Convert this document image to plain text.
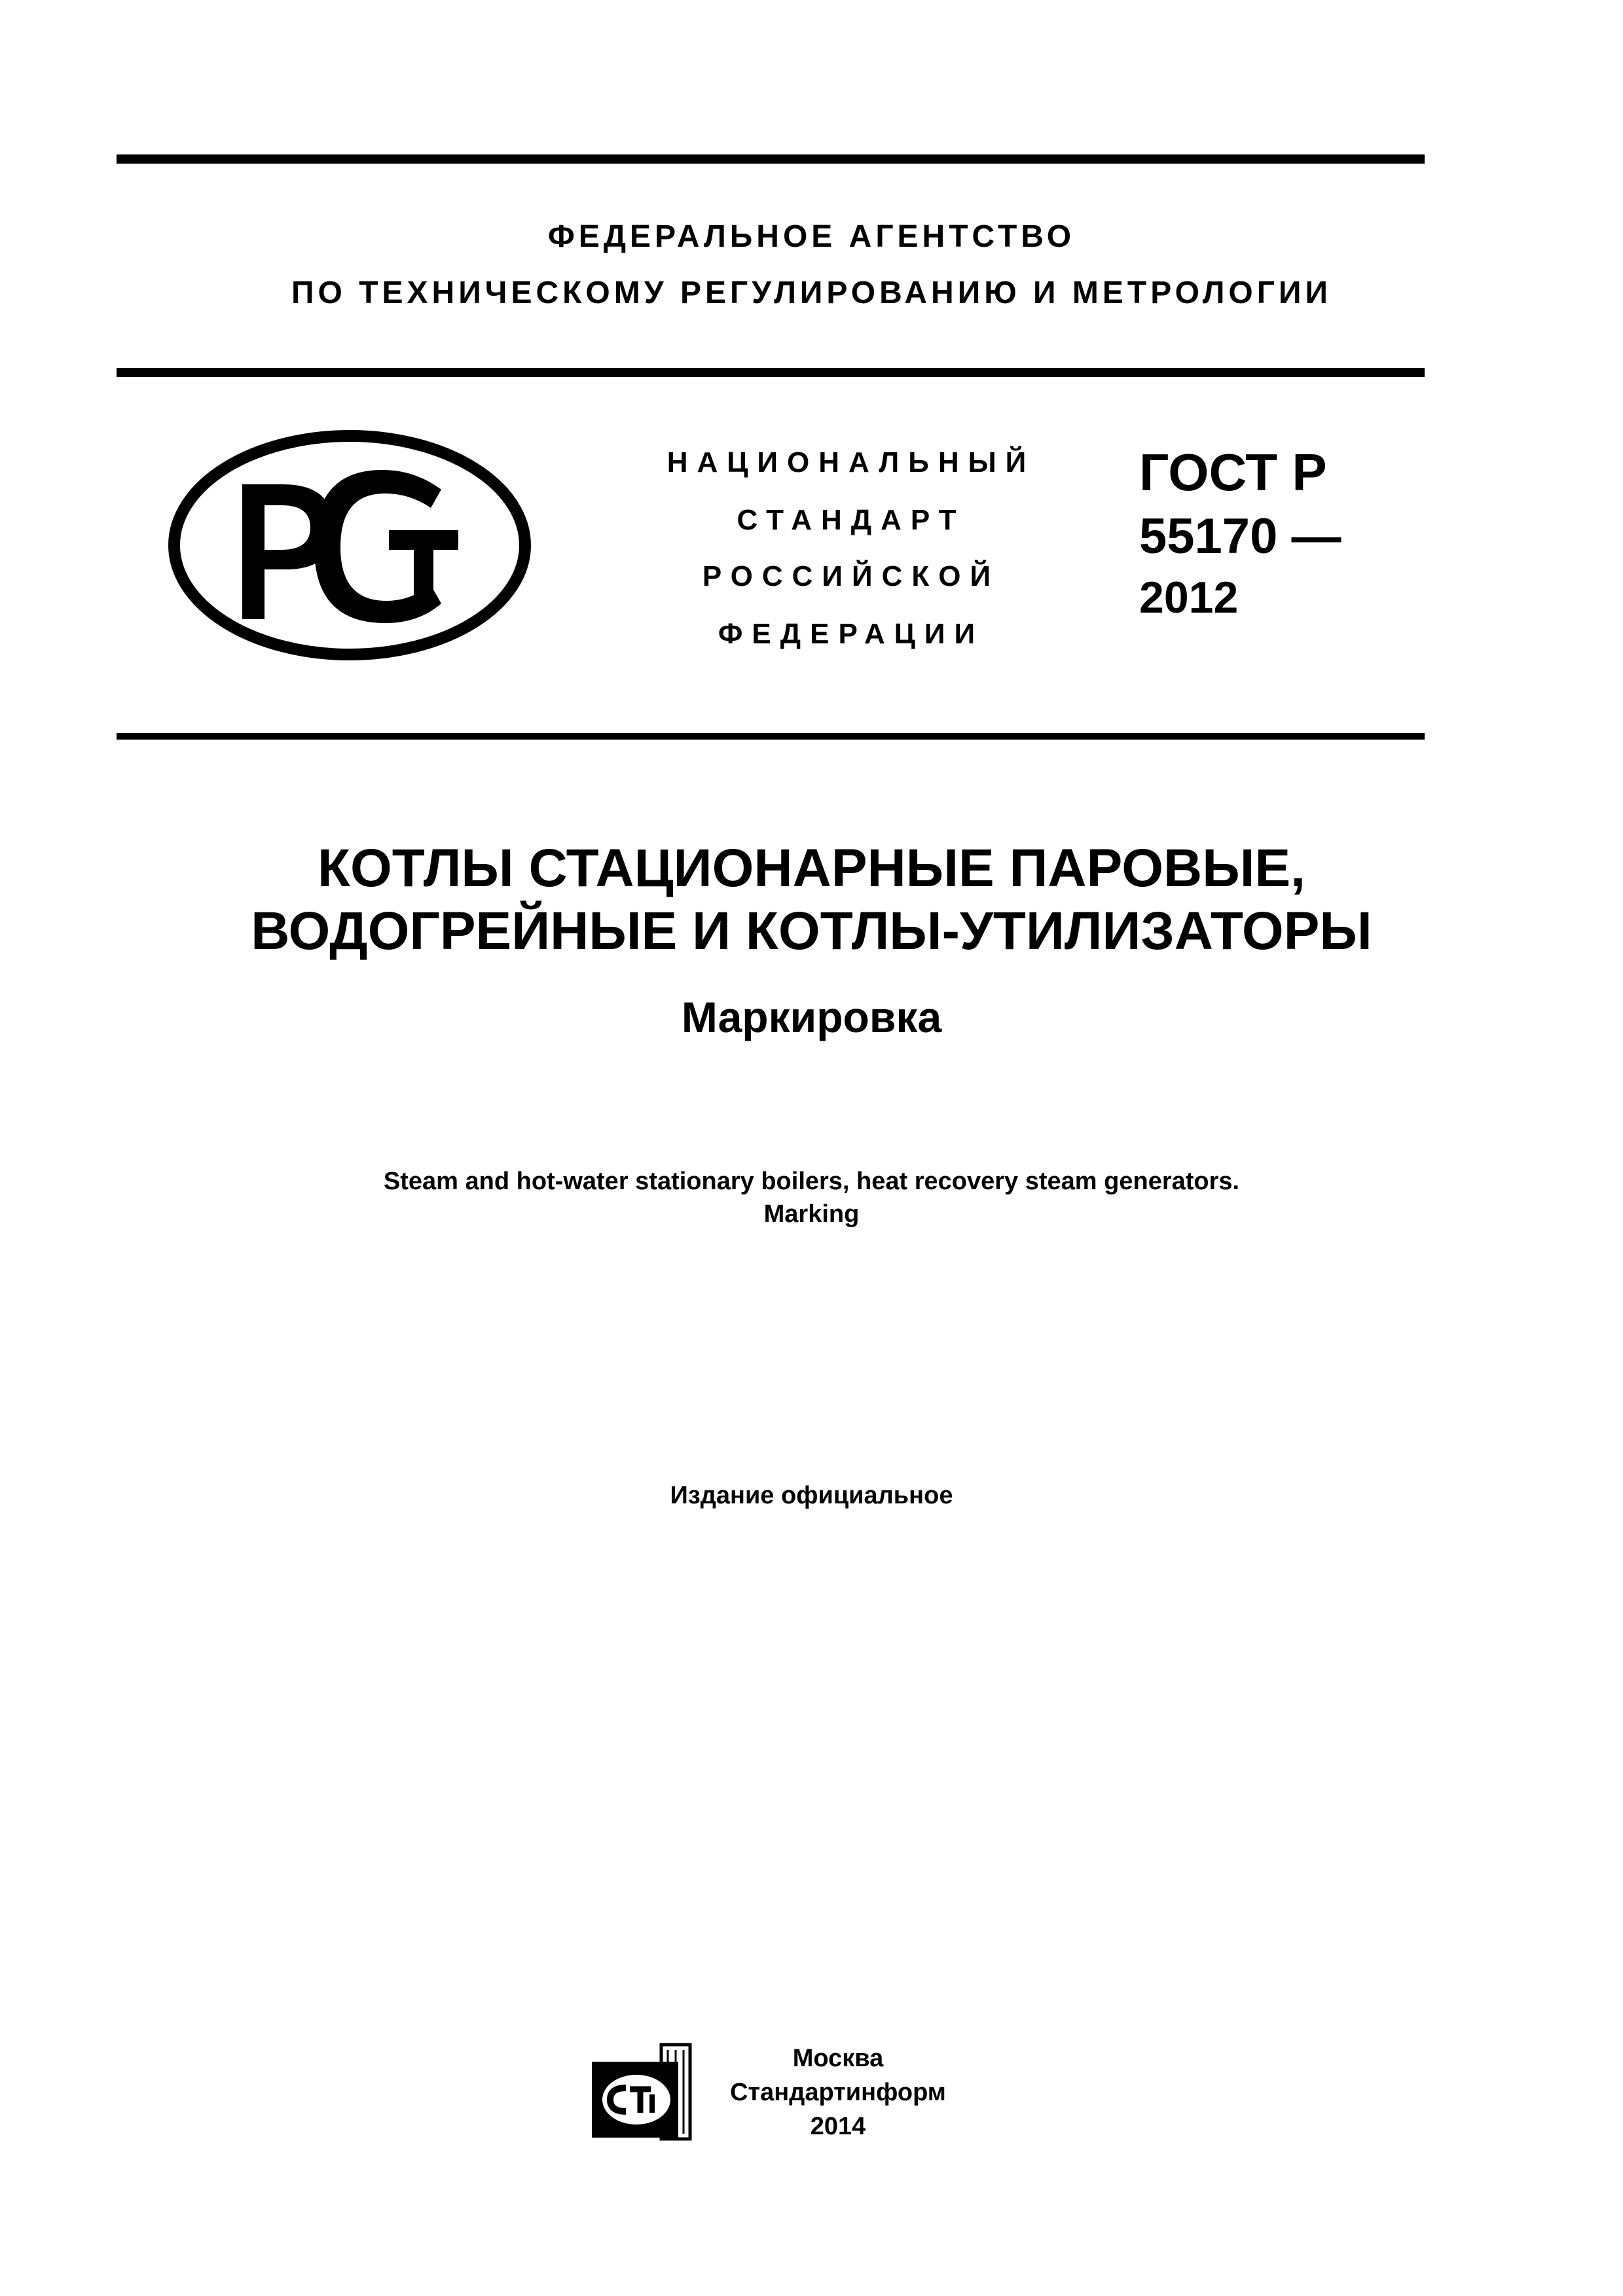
ФЕДЕРАЛЬНОЕ АГЕНТСТВО
ПО ТЕХНИЧЕСКОМУ РЕГУЛИРОВАНИЮ И МЕТРОЛОГИИ
НАЦИОНАЛЬНЫЙ
СТАНДАРТ
РОССИЙСКОЙ
ФЕДЕРАЦИИ
ГОСТ Р
55170 —
2012
КОТЛЫ СТАЦИОНАРНЫЕ ПАРОВЫЕ,
ВОДОГРЕЙНЫЕ И КОТЛЫ-УТИЛИЗАТОРЫ
Маркировка
Steam and hot-water stationary boilers, heat recovery steam generators.
Marking
Издание официальное
Москва
Стандартинформ
2014
